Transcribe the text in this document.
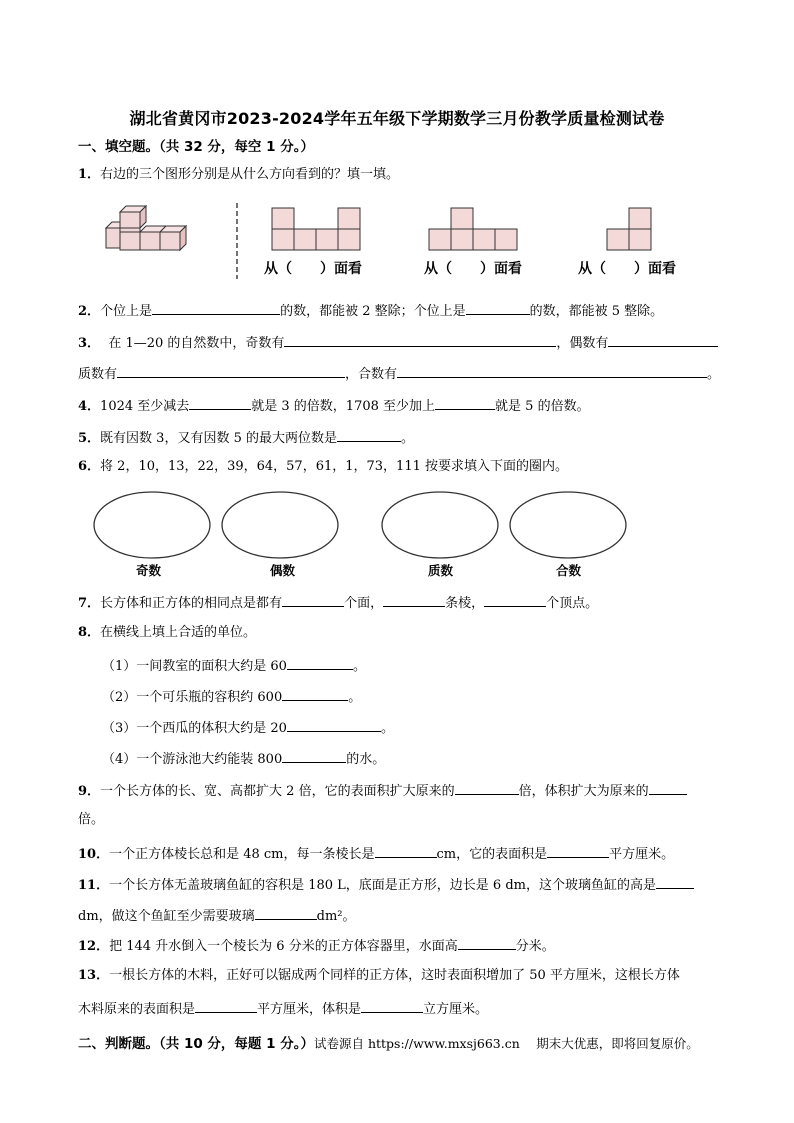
湖北省黄冈市2023-2024学年五年级下学期数学三月份教学质量检测试卷
一、填空题。（共 32 分，每空 1 分。）
1．右边的三个图形分别是从什么方向看到的？填一填。
从（　　）面看	从（　　）面看	从（　　）面看
2．个位上是	的数，都能被 2 整除；个位上是	的数，都能被 5 整除。
3． 在 1—20 的自然数中，奇数有	，偶数有
质数有	，合数有	。
4．1024 至少减去	就是 3 的倍数，1708 至少加上	就是 5 的倍数。
5．既有因数 3，又有因数 5 的最大两位数是	。
6．将 2，10，13，22，39，64，57，61，1，73，111 按要求填入下面的圈内。
奇数	偶数	质数	合数
7．长方体和正方体的相同点是都有	个面，	条棱，	个顶点。
8．在横线上填上合适的单位。
（1）一间教室的面积大约是 60	。
（2）一个可乐瓶的容积约 600	。
（3）一个西瓜的体积大约是 20	。
（4）一个游泳池大约能装 800	的水。
9．一个长方体的长、宽、高都扩大 2 倍，它的表面积扩大原来的	倍，体积扩大为原来的
倍。
10．一个正方体棱长总和是 48 cm，每一条棱长是	cm，它的表面积是	平方厘米。
11．一个长方体无盖玻璃鱼缸的容积是 180 L，底面是正方形，边长是 6 dm，这个玻璃鱼缸的高是
dm，做这个鱼缸至少需要玻璃	dm²。
12．把 144 升水倒入一个棱长为 6 分米的正方体容器里，水面高	分米。
13．一根长方体的木料，正好可以锯成两个同样的正方体，这时表面积增加了 50 平方厘米，这根长方体
木料原来的表面积是	平方厘米，体积是	立方厘米。
二、判断题。（共 10 分，每题 1 分。）试卷源自 https://www.mxsj663.cn　 期末大优惠，即将回复原价。
